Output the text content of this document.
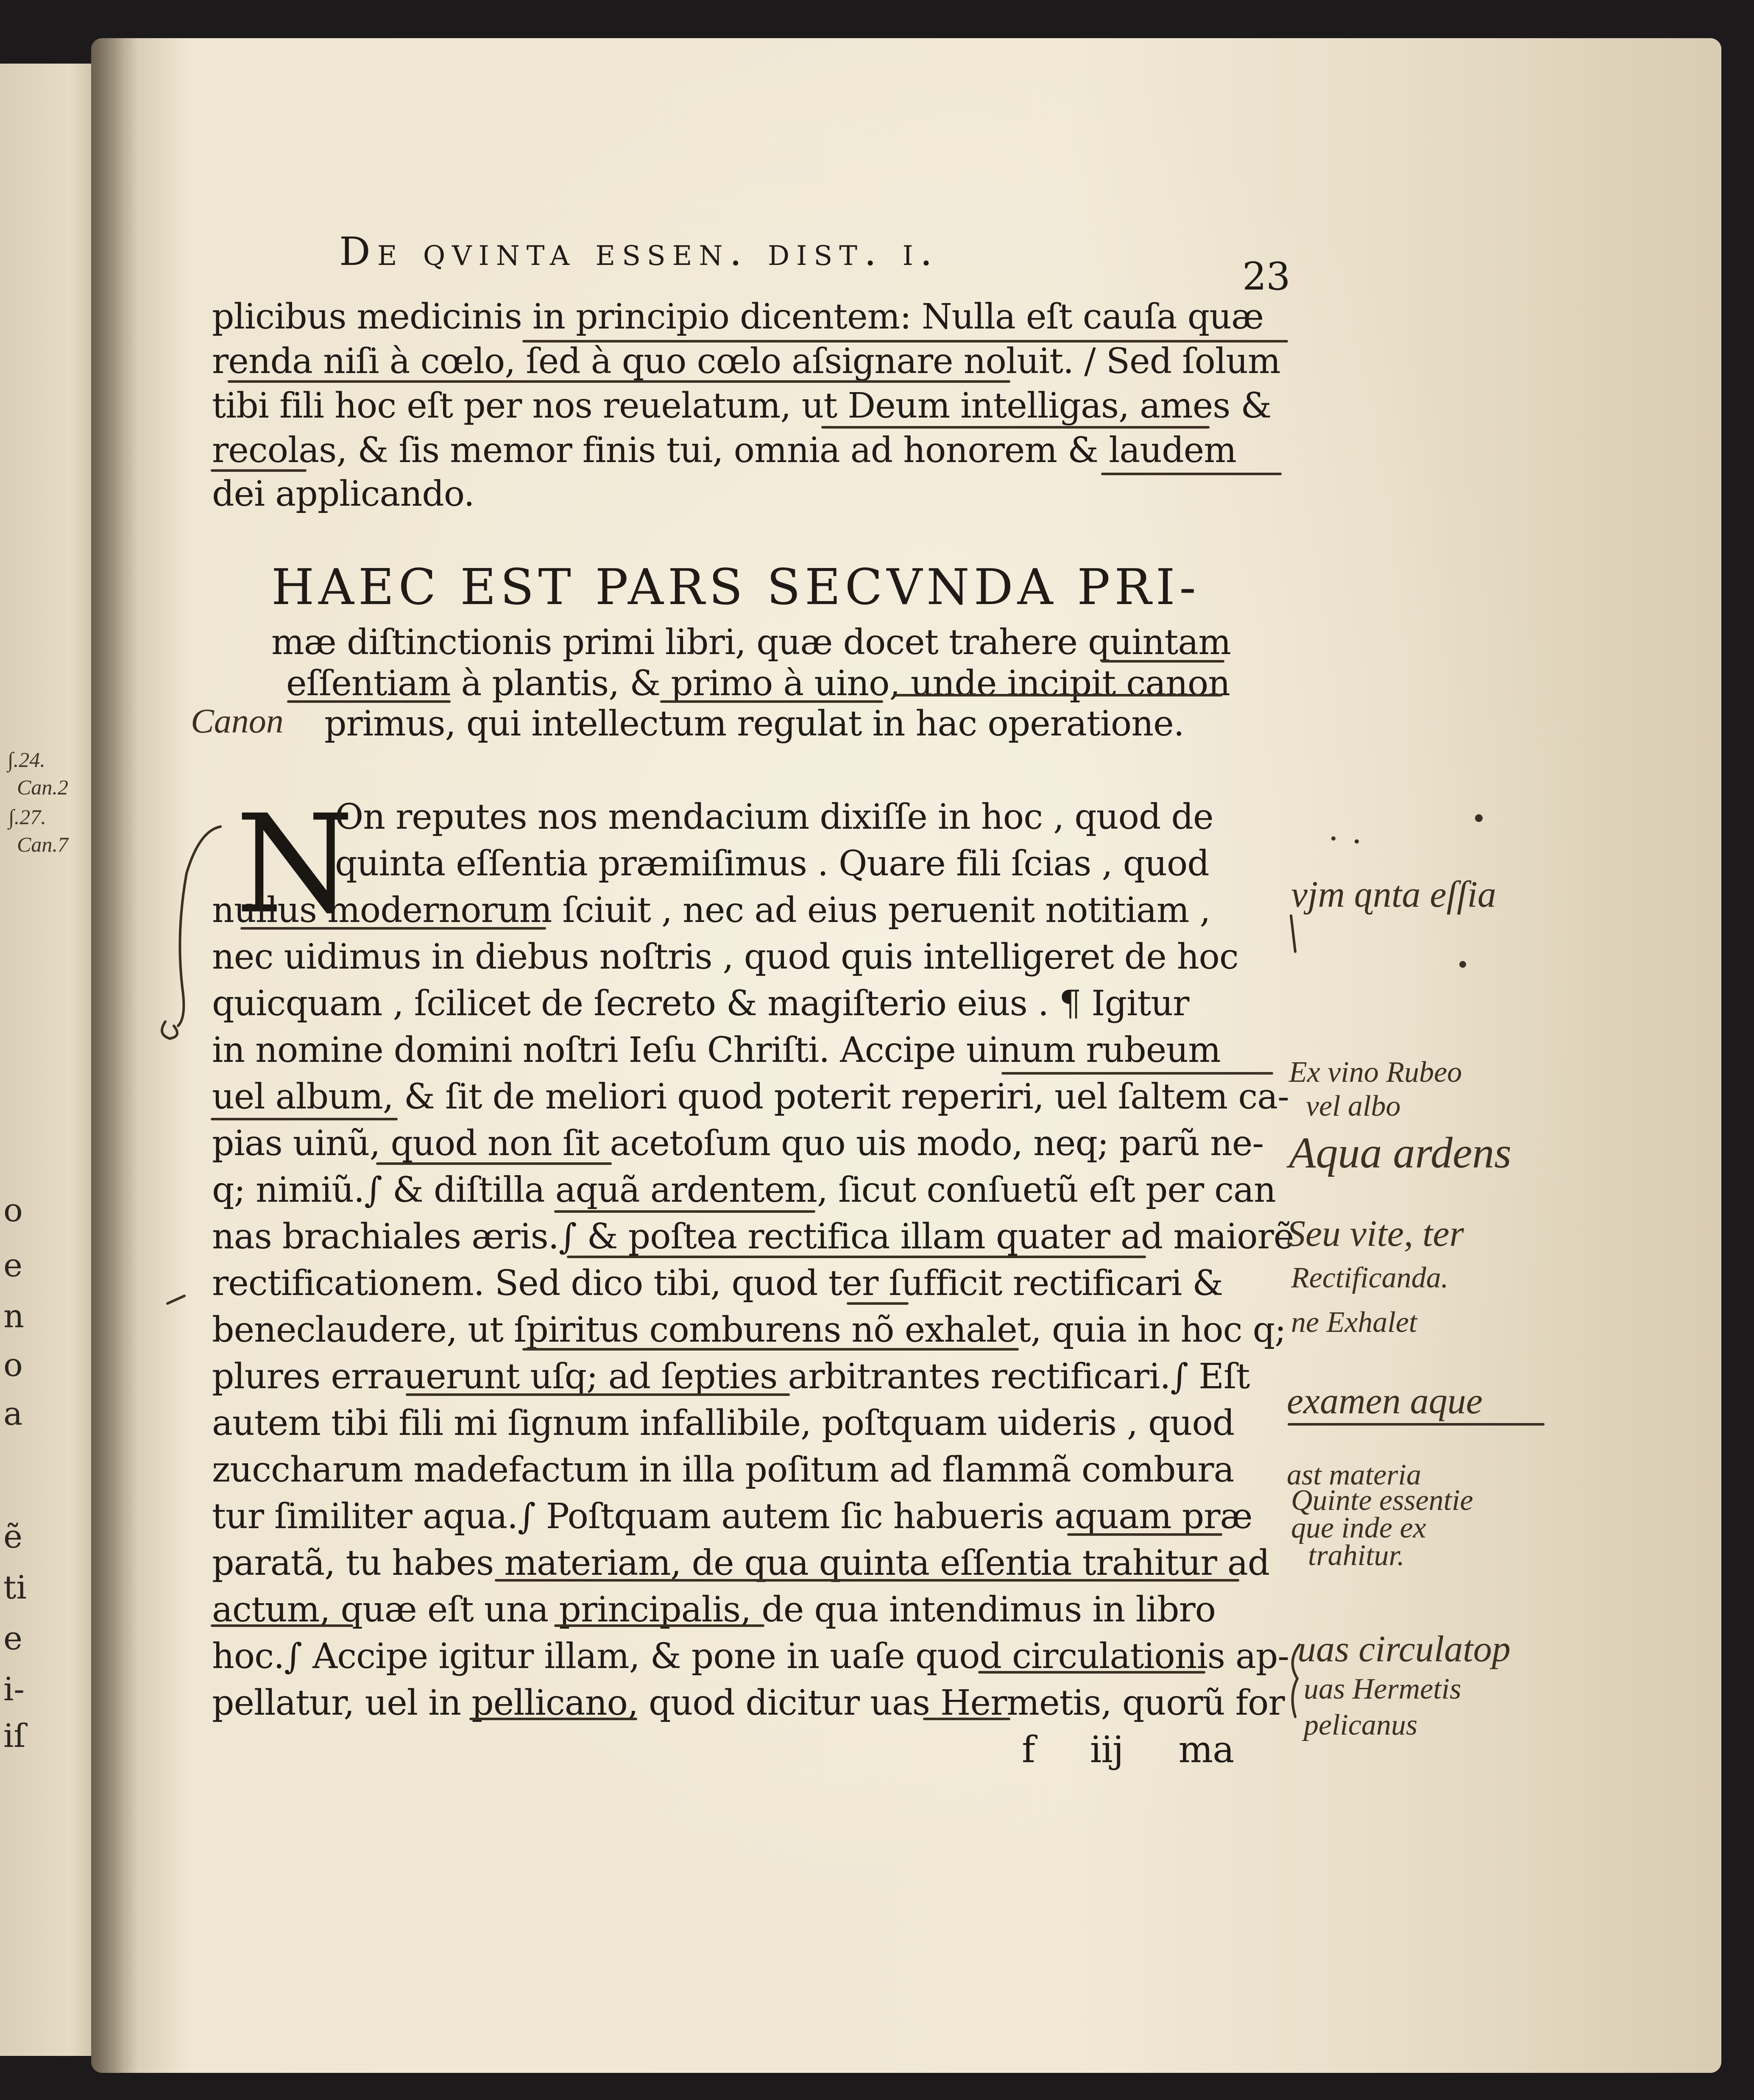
∫.24.
Can.2
∫.27.
Can.7
o
e
n
o
a
ẽ
ti
e
i-
iſ
De qvinta essen. dist. i.
23
plicibus medicinis in principio dicentem: Nulla eſt cauſa quæ
renda niſi à cœlo, ſed à quo cœlo aſsignare noluit. / Sed ſolum
tibi fili hoc eſt per nos reuelatum, ut Deum intelligas, ames &
recolas, & ſis memor finis tui, omnia ad honorem & laudem
dei applicando.
HAEC EST PARS SECVNDA PRI-
mæ diſtinctionis primi libri, quæ docet trahere quintam
eſſentiam à plantis, & primo à uino, unde incipit canon
primus, qui intellectum regulat in hac operatione.
Canon
N
On reputes nos mendacium dixiſſe in hoc , quod de
quinta eſſentia præmiſimus . Quare fili ſcias , quod
nullus modernorum ſciuit , nec ad eius peruenit notitiam ,
nec uidimus in diebus noſtris , quod quis intelligeret de hoc
quicquam , ſcilicet de ſecreto & magiſterio eius . ¶ Igitur
in nomine domini noſtri Ieſu Chriſti. Accipe uinum rubeum
uel album, & ſit de meliori quod poterit reperiri, uel ſaltem ca-
pias uinũ, quod non ſit acetoſum quo uis modo, neq; parũ ne-
q; nimiũ.∫ & diſtilla aquã ardentem, ſicut conſuetũ eſt per can
nas brachiales æris.∫ & poſtea rectifica illam quater ad maiorẽ
rectificationem. Sed dico tibi, quod ter ſufficit rectificari &
beneclaudere, ut ſpiritus comburens nõ exhalet, quia in hoc q;
plures errauerunt uſq; ad ſepties arbitrantes rectificari.∫ Eſt
autem tibi fili mi ſignum infallibile, poſtquam uideris , quod
zuccharum madefactum in illa poſitum ad flammã combura
tur ſimiliter aqua.∫ Poſtquam autem ſic habueris aquam præ
paratã, tu habes materiam, de qua quinta eſſentia trahitur ad
actum, quæ eſt una principalis, de qua intendimus in libro
hoc.∫ Accipe igitur illam, & pone in uaſe quod circulationis ap-
pellatur, uel in pellicano, quod dicitur uas Hermetis, quorũ for
f iij ma
vjm ɋnta eſſia
Ex vino Rubeo
vel albo
Aqua ardens
Seu vite, ter
Rectificanda.
ne Exhalet
examen aque
ast materia
Quinte essentie
que inde ex
trahitur.
uas circulatop
uas Hermetis
pelicanus
